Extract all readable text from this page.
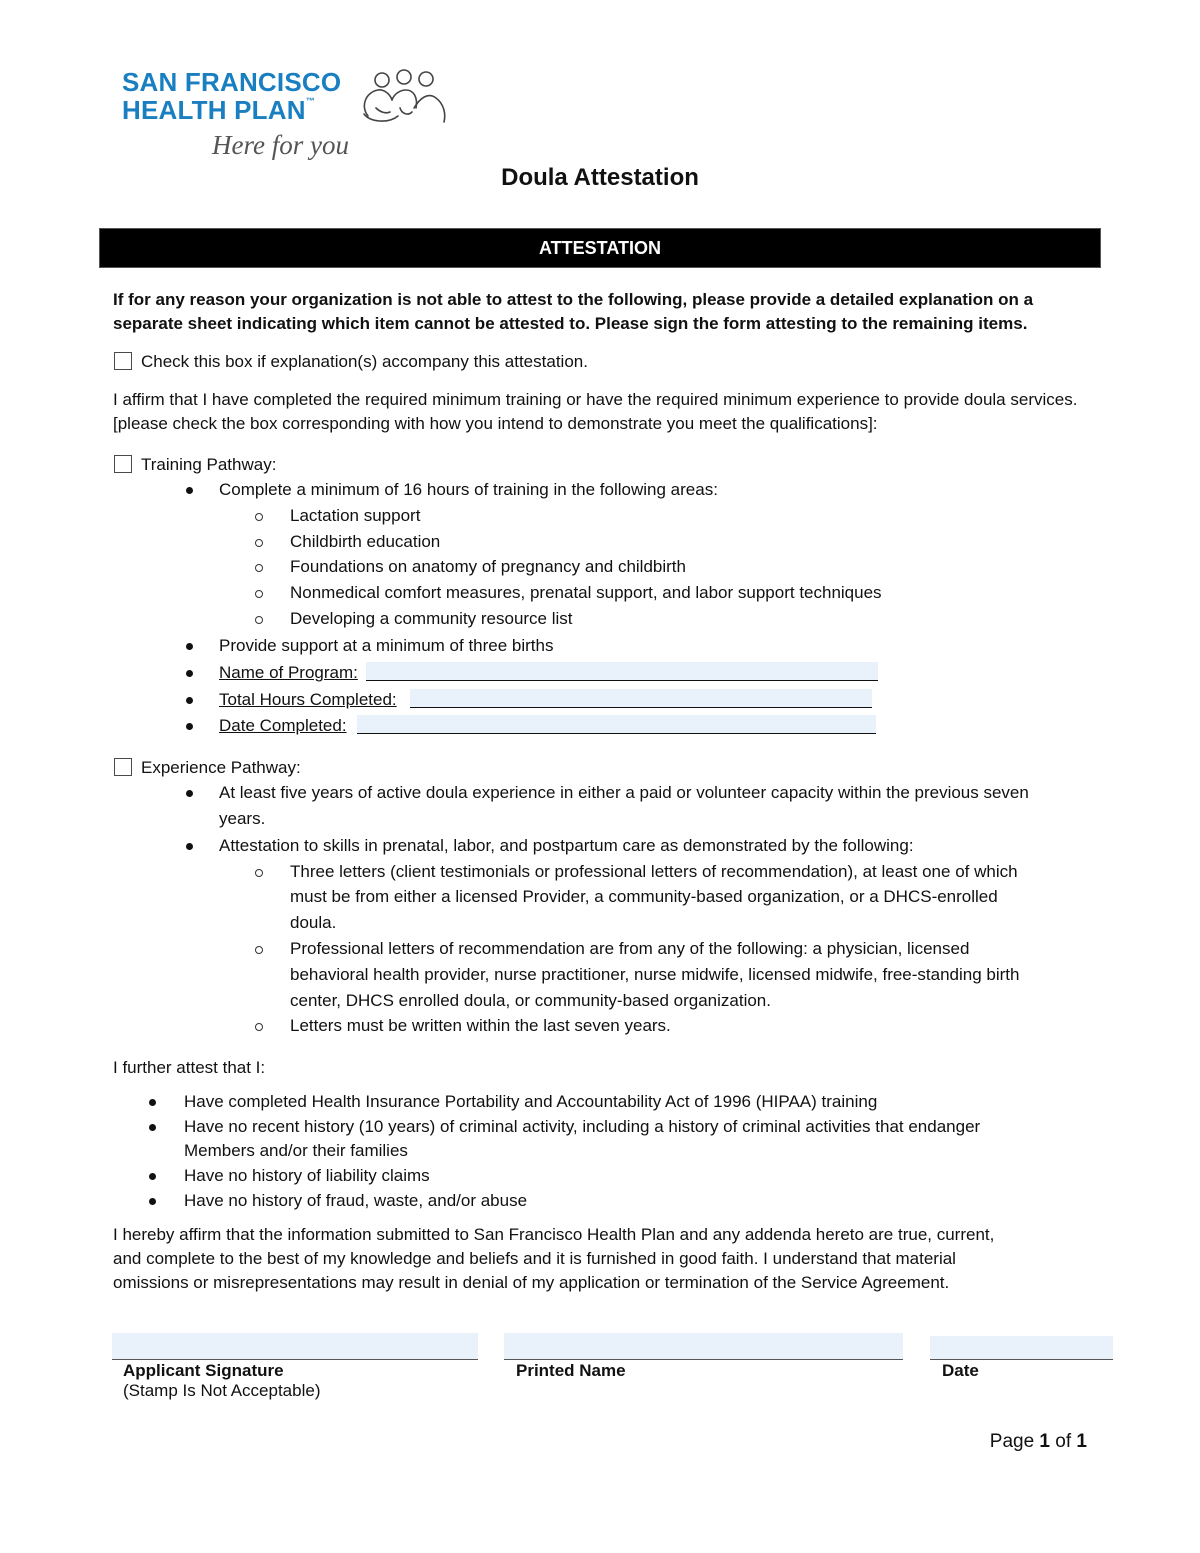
SAN FRANCISCO
HEALTH PLAN™
Here for you
Doula Attestation
ATTESTATION
If for any reason your organization is not able to attest to the following, please provide a detailed explanation on a separate sheet indicating which item cannot be attested to. Please sign the form attesting to the remaining items.
Check this box if explanation(s) accompany this attestation.
I affirm that I have completed the required minimum training or have the required minimum experience to provide doula services. [please check the box corresponding with how you intend to demonstrate you meet the qualifications]:
Training Pathway:
Complete a minimum of 16 hours of training in the following areas:
Lactation support
Childbirth education
Foundations on anatomy of pregnancy and childbirth
Nonmedical comfort measures, prenatal support, and labor support techniques
Developing a community resource list
Provide support at a minimum of three births
Name of Program:
Total Hours Completed:
Date Completed:
Experience Pathway:
At least five years of active doula experience in either a paid or volunteer capacity within the previous seven
years.
Attestation to skills in prenatal, labor, and postpartum care as demonstrated by the following:
Three letters (client testimonials or professional letters of recommendation), at least one of which
must be from either a licensed Provider, a community-based organization, or a DHCS-enrolled
doula.
Professional letters of recommendation are from any of the following: a physician, licensed
behavioral health provider, nurse practitioner, nurse midwife, licensed midwife, free-standing birth
center, DHCS enrolled doula, or community-based organization.
Letters must be written within the last seven years.
I further attest that I:
Have completed Health Insurance Portability and Accountability Act of 1996 (HIPAA) training
Have no recent history (10 years) of criminal activity, including a history of criminal activities that endanger
Members and/or their families
Have no history of liability claims
Have no history of fraud, waste, and/or abuse
I hereby affirm that the information submitted to San Francisco Health Plan and any addenda hereto are true, current,
and complete to the best of my knowledge and beliefs and it is furnished in good faith. I understand that material
omissions or misrepresentations may result in denial of my application or termination of the Service Agreement.
Applicant Signature
(Stamp Is Not Acceptable)
Printed Name	Date
Page 1 of 1
